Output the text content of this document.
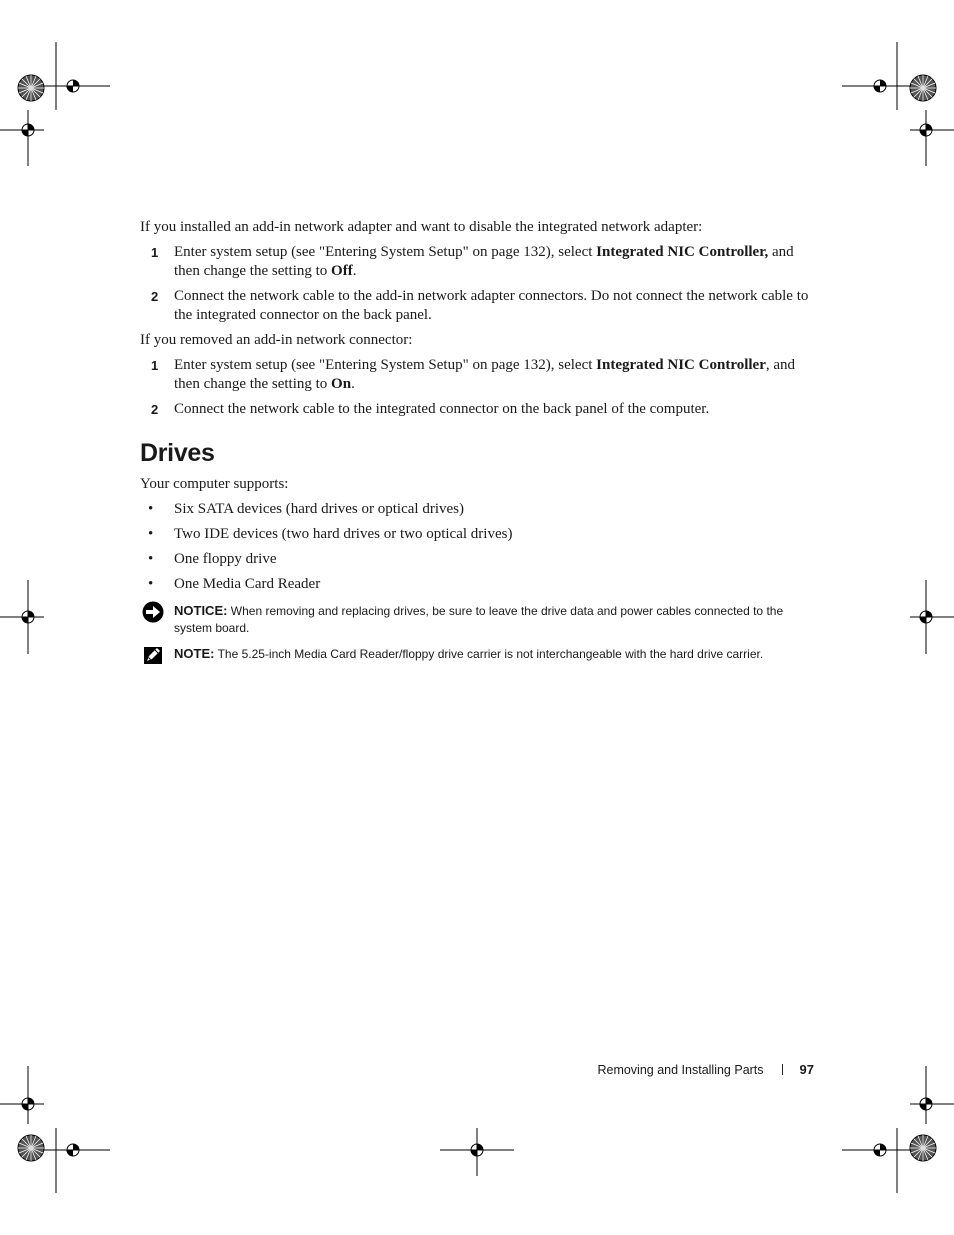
If you installed an add-in network adapter and want to disable the integrated network adapter:

1 Enter system setup (see "Entering System Setup" on page 132), select Integrated NIC Controller, and then change the setting to Off.
2 Connect the network cable to the add-in network adapter connectors. Do not connect the network cable to the integrated connector on the back panel.

If you removed an add-in network connector:

1 Enter system setup (see "Entering System Setup" on page 132), select Integrated NIC Controller, and then change the setting to On.
2 Connect the network cable to the integrated connector on the back panel of the computer.
Drives

Your computer supports:

• Six SATA devices (hard drives or optical drives)
• Two IDE devices (two hard drives or two optical drives)
• One floppy drive
• One Media Card Reader
NOTICE: When removing and replacing drives, be sure to leave the drive data and power cables connected to the system board.
NOTE: The 5.25-inch Media Card Reader/floppy drive carrier is not interchangeable with the hard drive carrier.
Removing and Installing Parts	97
